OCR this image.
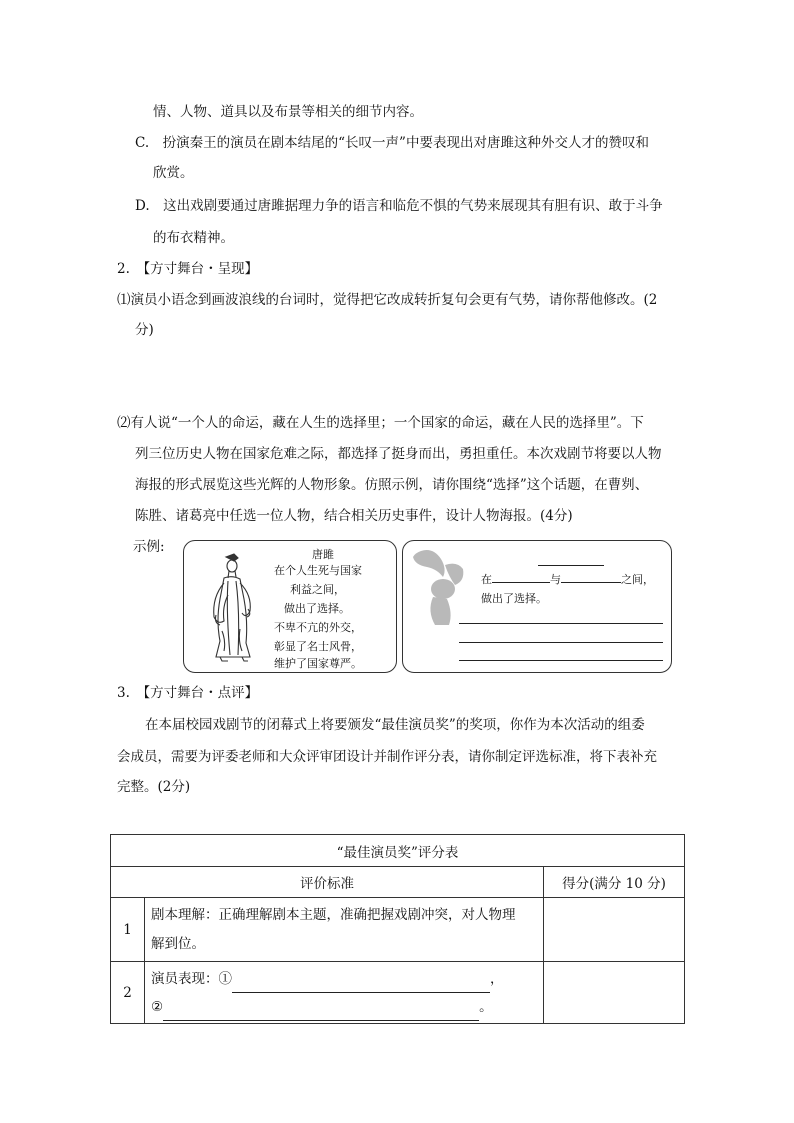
情、人物、道具以及布景等相关的细节内容。
C.　扮演秦王的演员在剧本结尾的“长叹一声”中要表现出对唐雎这种外交人才的赞叹和
欣赏。
D.　这出戏剧要通过唐雎据理力争的语言和临危不惧的气势来展现其有胆有识、敢于斗争
的布衣精神。
2.　【方寸舞台・呈现】
⑴演员小语念到画波浪线的台词时，觉得把它改成转折复句会更有气势，请你帮他修改。(2
分)
⑵有人说“一个人的命运，藏在人生的选择里；一个国家的命运，藏在人民的选择里”。下
列三位历史人物在国家危难之际，都选择了挺身而出，勇担重任。本次戏剧节将要以人物
海报的形式展览这些光辉的人物形象。仿照示例，请你围绕“选择”这个话题，在曹刿、
陈胜、诸葛亮中任选一位人物，结合相关历史事件，设计人物海报。(4分)
示例:	唐雎
在个人生死与国家
利益之间，
做出了选择。
不卑不亢的外交，
彰显了名士风骨，
维护了国家尊严。
在	与	之间，
做出了选择。
3.　【方寸舞台・点评】
在本届校园戏剧节的闭幕式上将要颁发“最佳演员奖”的奖项，你作为本次活动的组委
会成员，需要为评委老师和大众评审团设计并制作评分表，请你制定评选标准，将下表补充
完整。(2分)
“最佳演员奖”评分表		
评价标准		得分(满分 10 分)
1	剧本理解：正确理解剧本主题，准确把握戏剧冲突，对人物理
解到位。	

2	演员表现：① ，
② 。	
